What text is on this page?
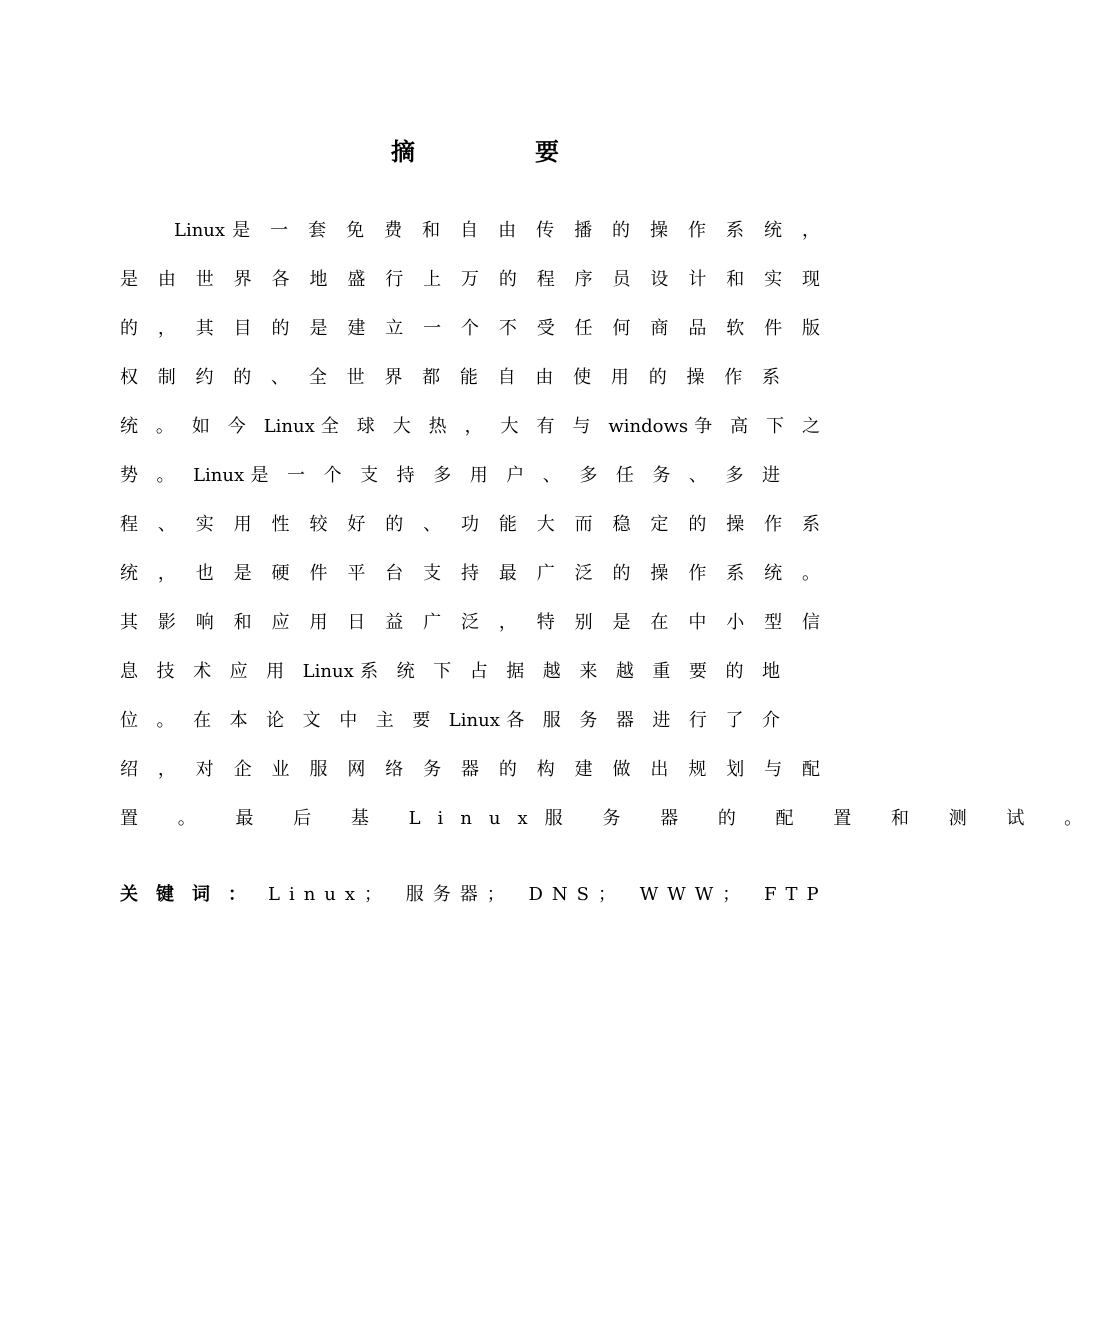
摘　要
Linux是 一 套 免 费 和 自 由 传 播 的 操 作 系 统 ，
是 由 世 界 各 地 盛 行 上 万 的 程 序 员 设 计 和 实 现
的 ， 其 目 的 是 建 立 一 个 不 受 任 何 商 品 软 件 版
权 制 约 的 、 全 世 界 都 能 自 由 使 用 的 操 作 系
统 。 如 今 Linux全 球 大 热 ， 大 有 与 windows争 高 下 之
势 。 Linux是 一 个 支 持 多 用 户 、 多 任 务 、 多 进
程 、 实 用 性 较 好 的 、 功 能 大 而 稳 定 的 操 作 系
统 ， 也 是 硬 件 平 台 支 持 最 广 泛 的 操 作 系 统 。
其 影 响 和 应 用 日 益 广 泛 ， 特 别 是 在 中 小 型 信
息 技 术 应 用 Linux系 统 下 占 据 越 来 越 重 要 的 地
位 。 在 本 论 文 中 主 要 Linux各 服 务 器 进 行 了 介
绍 ， 对 企 业 服 网 络 务 器 的 构 建 做 出 规 划 与 配
置 。 最 后 基 Linux服 务 器 的 配 置 和 测 试 。
关键词： Linux； 服务器； DNS； WWW； FTP
